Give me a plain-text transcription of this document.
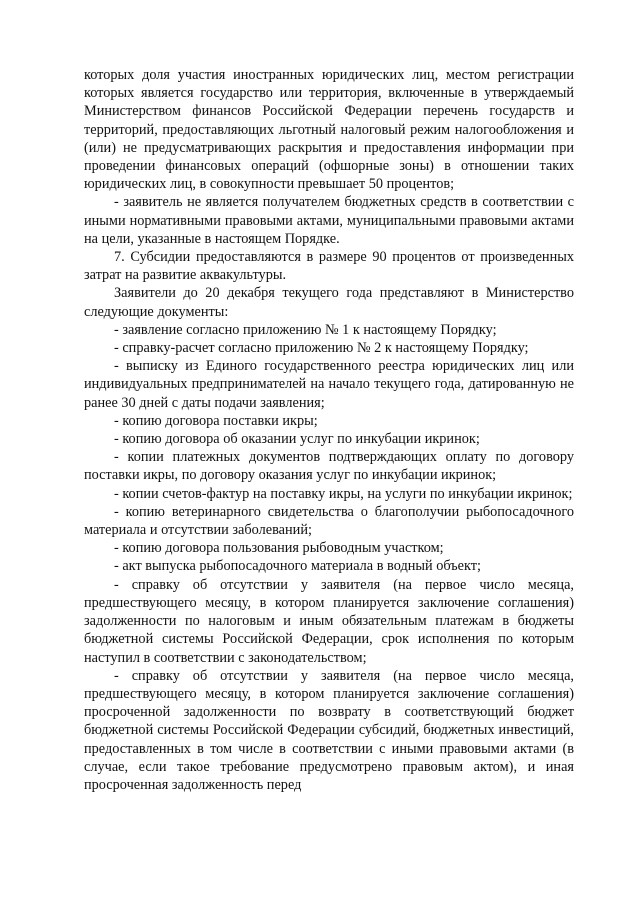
которых доля участия иностранных юридических лиц, местом регистрации которых является государство или территория, включенные в утверждаемый Министерством финансов Российской Федерации перечень государств и территорий, предоставляющих льготный налоговый режим налогообложения и (или) не предусматривающих раскрытия и предоставления информации при проведении финансовых операций (офшорные зоны) в отношении таких юридических лиц, в совокупности превышает 50 процентов;

- заявитель не является получателем бюджетных средств в соответствии с иными нормативными правовыми актами, муниципальными правовыми актами на цели, указанные в настоящем Порядке.

7. Субсидии предоставляются в размере 90 процентов от произведенных затрат на развитие аквакультуры.

Заявители до 20 декабря текущего года представляют в Министерство следующие документы:

- заявление согласно приложению № 1 к настоящему Порядку;

- справку-расчет согласно приложению № 2 к настоящему Порядку;

- выписку из Единого государственного реестра юридических лиц или индивидуальных предпринимателей на начало текущего года, датированную не ранее 30 дней с даты подачи заявления;

- копию договора поставки икры;

- копию договора об оказании услуг по инкубации икринок;

- копии платежных документов подтверждающих оплату по договору поставки икры, по договору оказания услуг по инкубации икринок;

- копии счетов-фактур на поставку икры, на услуги по инкубации икринок;

- копию ветеринарного свидетельства о благополучии рыбопосадочного материала и отсутствии заболеваний;

- копию договора пользования рыбоводным участком;

- акт выпуска рыбопосадочного материала в водный объект;

- справку об отсутствии у заявителя (на первое число месяца, предшествующего месяцу, в котором планируется заключение соглашения) задолженности по налоговым и иным обязательным платежам в бюджеты бюджетной системы Российской Федерации, срок исполнения по которым наступил в соответствии с законодательством;

- справку об отсутствии у заявителя (на первое число месяца, предшествующего месяцу, в котором планируется заключение соглашения) просроченной задолженности по возврату в соответствующий бюджет бюджетной системы Российской Федерации субсидий, бюджетных инвестиций, предоставленных в том числе в соответствии с иными правовыми актами (в случае, если такое требование предусмотрено правовым актом), и иная просроченная задолженность перед
